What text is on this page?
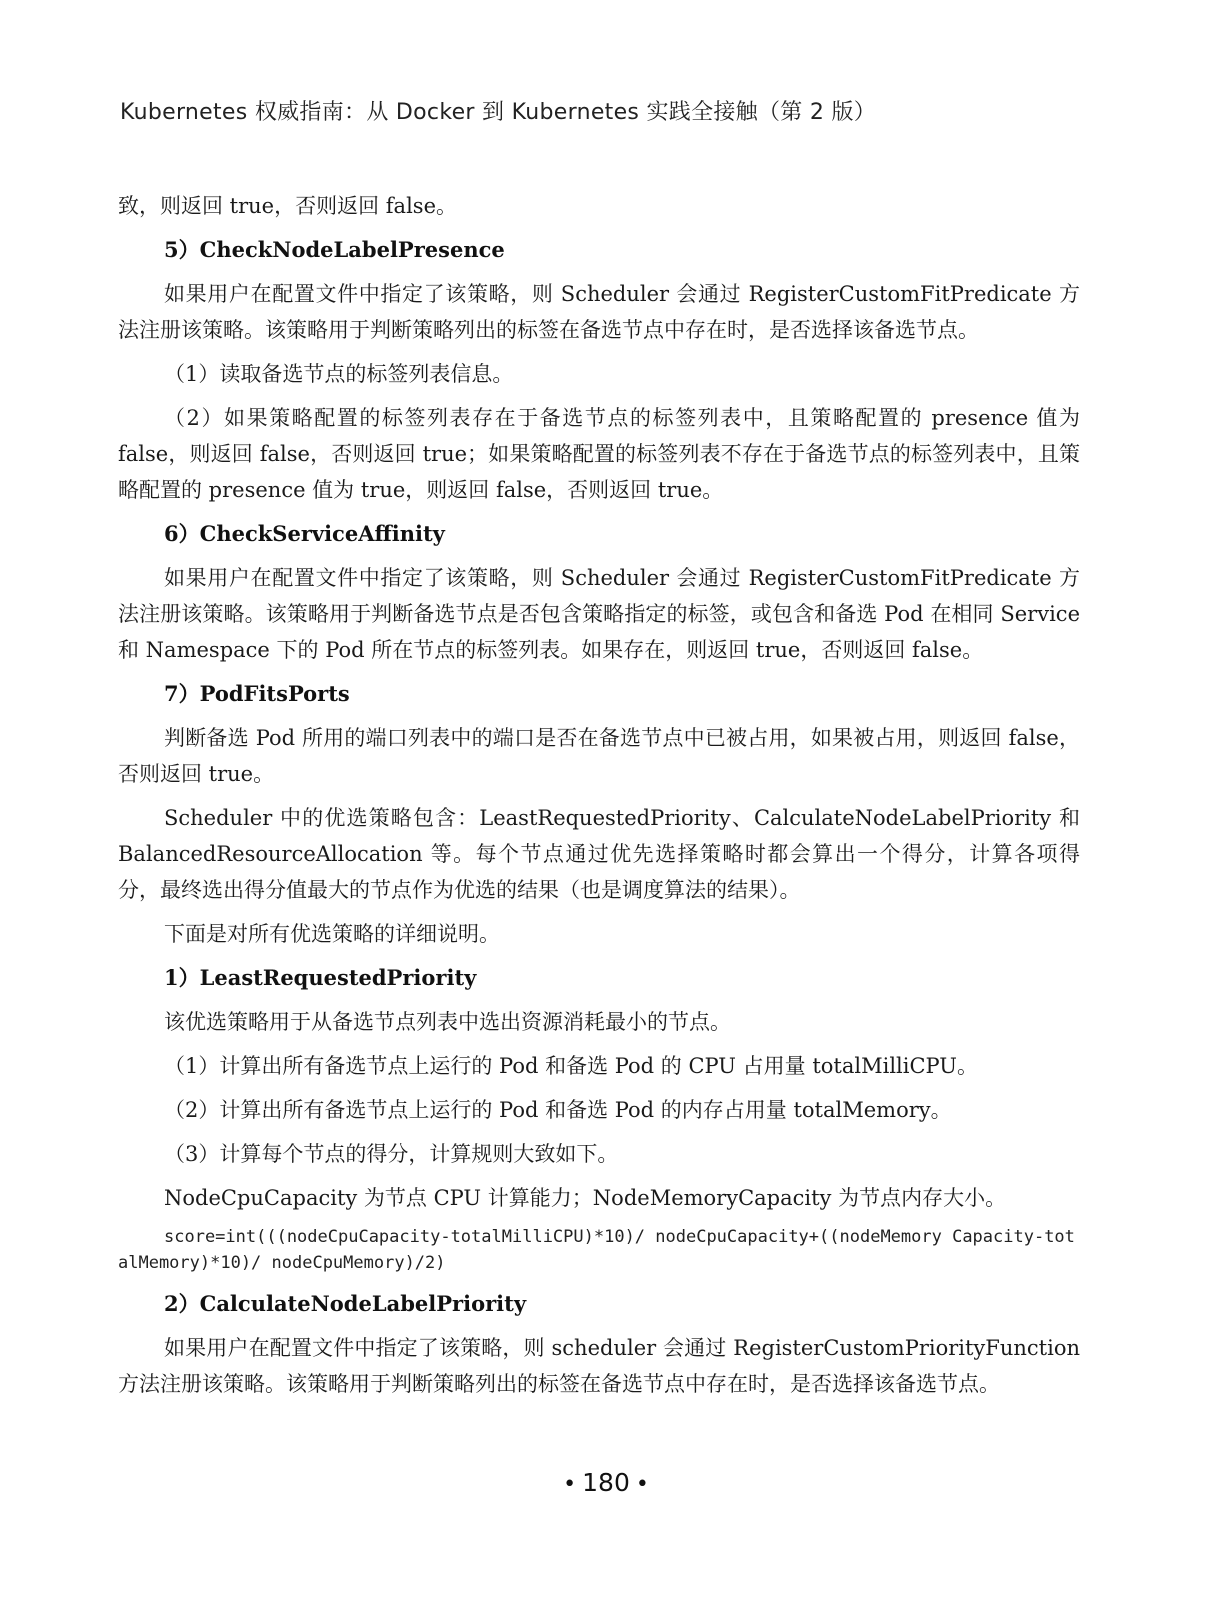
Kubernetes 权威指南：从 Docker 到 Kubernetes 实践全接触（第 2 版）

致，则返回 true，否则返回 false。

5）CheckNodeLabelPresence

如果用户在配置文件中指定了该策略，则 Scheduler 会通过 RegisterCustomFitPredicate 方法注册该策略。该策略用于判断策略列出的标签在备选节点中存在时，是否选择该备选节点。

（1）读取备选节点的标签列表信息。

（2）如果策略配置的标签列表存在于备选节点的标签列表中，且策略配置的 presence 值为 false，则返回 false，否则返回 true；如果策略配置的标签列表不存在于备选节点的标签列表中，且策略配置的 presence 值为 true，则返回 false，否则返回 true。

6）CheckServiceAffinity

如果用户在配置文件中指定了该策略，则 Scheduler 会通过 RegisterCustomFitPredicate 方法注册该策略。该策略用于判断备选节点是否包含策略指定的标签，或包含和备选 Pod 在相同 Service 和 Namespace 下的 Pod 所在节点的标签列表。如果存在，则返回 true，否则返回 false。

7）PodFitsPorts

判断备选 Pod 所用的端口列表中的端口是否在备选节点中已被占用，如果被占用，则返回 false，否则返回 true。

Scheduler 中的优选策略包含：LeastRequestedPriority、CalculateNodeLabelPriority 和 BalancedResourceAllocation 等。每个节点通过优先选择策略时都会算出一个得分，计算各项得分，最终选出得分值最大的节点作为优选的结果（也是调度算法的结果）。

下面是对所有优选策略的详细说明。

1）LeastRequestedPriority

该优选策略用于从备选节点列表中选出资源消耗最小的节点。

（1）计算出所有备选节点上运行的 Pod 和备选 Pod 的 CPU 占用量 totalMilliCPU。

（2）计算出所有备选节点上运行的 Pod 和备选 Pod 的内存占用量 totalMemory。

（3）计算每个节点的得分，计算规则大致如下。

NodeCpuCapacity 为节点 CPU 计算能力；NodeMemoryCapacity 为节点内存大小。

score=int(((nodeCpuCapacity-totalMilliCPU)*10)/ nodeCpuCapacity+((nodeMemory Capacity-totalMemory)*10)/ nodeCpuMemory)/2)
2）CalculateNodeLabelPriority

如果用户在配置文件中指定了该策略，则 scheduler 会通过 RegisterCustomPriorityFunction 方法注册该策略。该策略用于判断策略列出的标签在备选节点中存在时，是否选择该备选节点。

• 180 •
